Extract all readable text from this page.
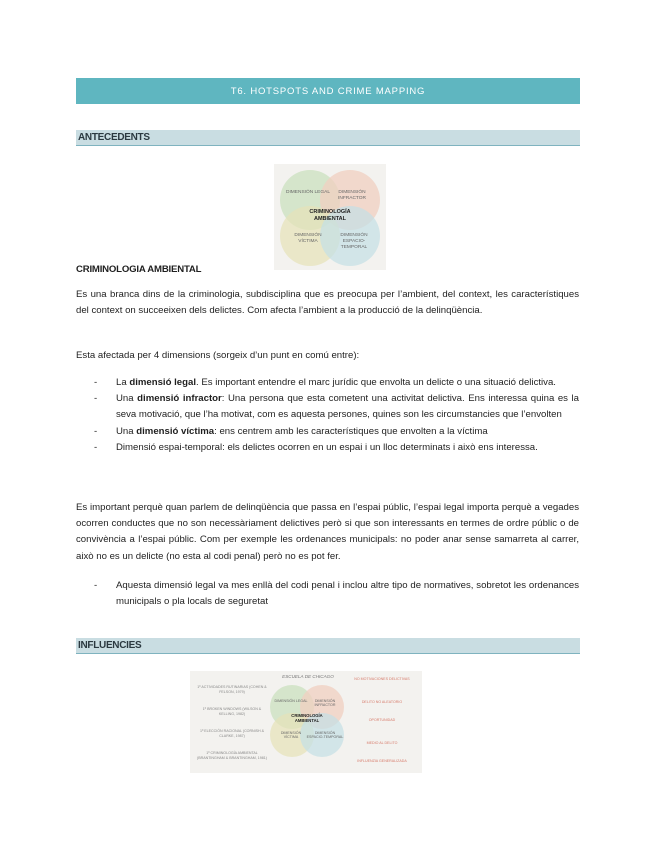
T6. HOTSPOTS AND CRIME MAPPING
ANTECEDENTS
DIMENSIÓN LEGAL	DIMENSIÓN INFRACTOR
CRIMINOLOGÍA AMBIENTAL
DIMENSIÓN VÍCTIMA
DIMENSIÓN ESPACIO-TEMPORAL
CRIMINOLOGIA AMBIENTAL
Es una branca dins de la criminologia, subdisciplina que es preocupa per l’ambient, del context, les característiques del context on succeeixen dels delictes. Com afecta l’ambient a la producció de la delinqüència.
Esta afectada per 4 dimensions (sorgeix d’un punt en comú entre):
- La dimensió legal. Es important entendre el marc jurídic que envolta un delicte o una situació delictiva.
- Una dimensió infractor: Una persona que esta cometent una activitat delictiva. Ens interessa quina es la seva motivació, que l’ha motivat, com es aquesta persones, quines son les circumstancies que l’envolten
- Una dimensió víctima: ens centrem amb les característiques que envolten a la víctima
- Dimensió espai-temporal: els delictes ocorren en un espai i un lloc determinats i això ens interessa.
Es important perquè quan parlem de delinqüència que passa en l’espai públic, l’espai legal importa perquè a vegades ocorren conductes que no son necessàriament delictives però si que son interessants en termes de ordre públic o de convivència a l’espai públic. Com per exemple les ordenances municipals: no poder anar sense samarreta al carrer, això no es un delicte (no esta al codi penal) però no es pot fer.
- Aquesta dimensió legal va mes enllà del codi penal i inclou altre tipo de normatives, sobretot les ordenances municipals o pla locals de seguretat
INFLUENCIES
ESCUELA DE CHICAGO
DIMENSIÓN LEGAL	DIMENSIÓN INFRACTOR
CRIMINOLOGÍA AMBIENTAL
DIMENSIÓN VÍCTIMA
DIMENSIÓN ESPACIO-TEMPORAL
1º ACTIVIDADES RUTINARIAS (COHEN & FELSON, 1979)
1º BROKEN WINDOWS (WILSON & KELLING, 1982)
1º ELECCIÓN RACIONAL (CORNISH & CLARKE, 1987)
1º CRIMINOLOGÍA AMBIENTAL (BRANTINGHAM & BRANTINGHAM, 1981)
NO MOTIVACIONES DELICTIVAS
DELITO NO ALEATORIO
OPORTUNIDAD
MEDIO AL DELITO
INFLUENZIA GENERALIZADA
